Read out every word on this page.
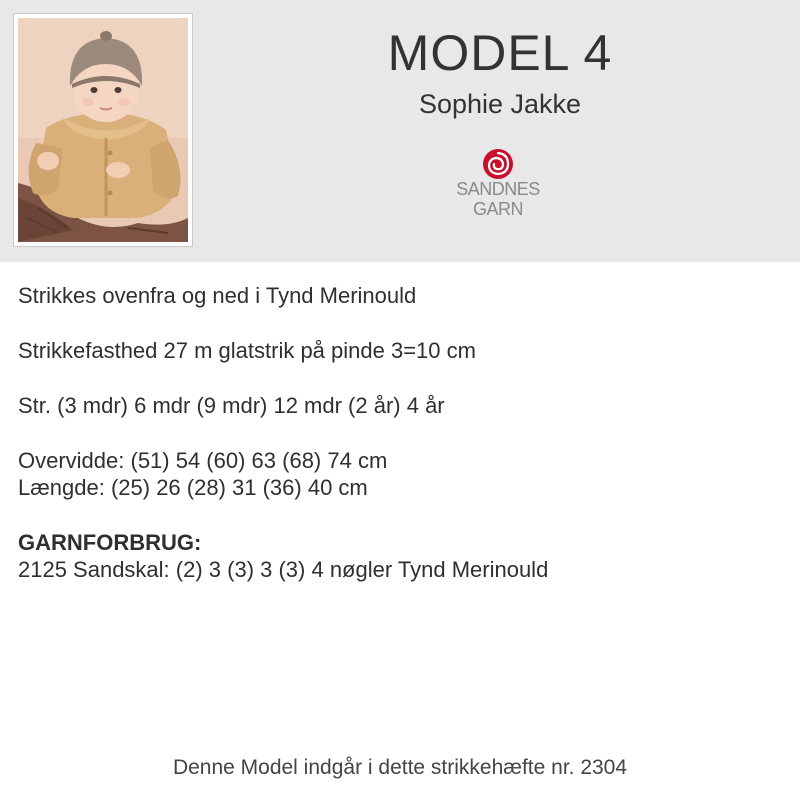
MODEL 4
Sophie Jakke
SANDNES
GARN

Strikkes ovenfra og ned i Tynd Merinould

Strikkefasthed 27 m glatstrik på pinde 3=10 cm

Str. (3 mdr) 6 mdr (9 mdr) 12 mdr (2 år) 4 år

Overvidde: (51) 54 (60) 63 (68) 74 cm

Længde: (25) 26 (28) 31 (36) 40 cm

GARNFORBRUG:

2125 Sandskal: (2) 3 (3) 3 (3) 4 nøgler Tynd Merinould

Denne Model indgår i dette strikkehæfte nr. 2304
